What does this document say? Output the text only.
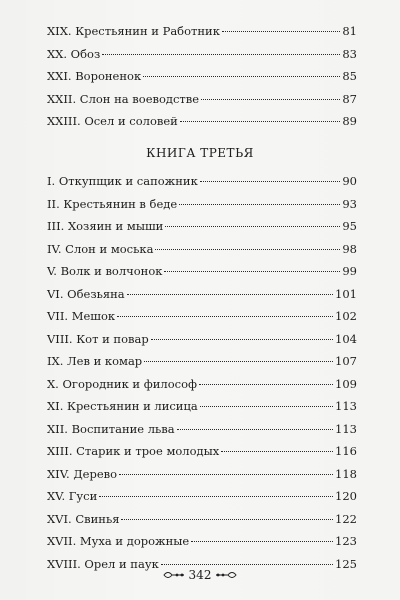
XIX. Крестьянин и Работник	81
XX. Обоз	83
XXI. Вороненок	85
XXII. Слон на воеводстве	87
XXIII. Осел и соловей	89
КНИГА ТРЕТЬЯ
I. Откупщик и сапожник	90
II. Крестьянин в беде	93
III. Хозяин и мыши	95
IV. Слон и моська	98
V. Волк и волчонок	99
VI. Обезьяна	101
VII. Мешок	102
VIII. Кот и повар	104
IX. Лев и комар	107
X. Огородник и философ	109
XI. Крестьянин и лисица	113
XII. Воспитание льва	113
XIII. Старик и трое молодых	116
XIV. Дерево	118
XV. Гуси	120
XVI. Свинья	122
XVII. Муха и дорожные	123
XVIII. Орел и паук	125
342
